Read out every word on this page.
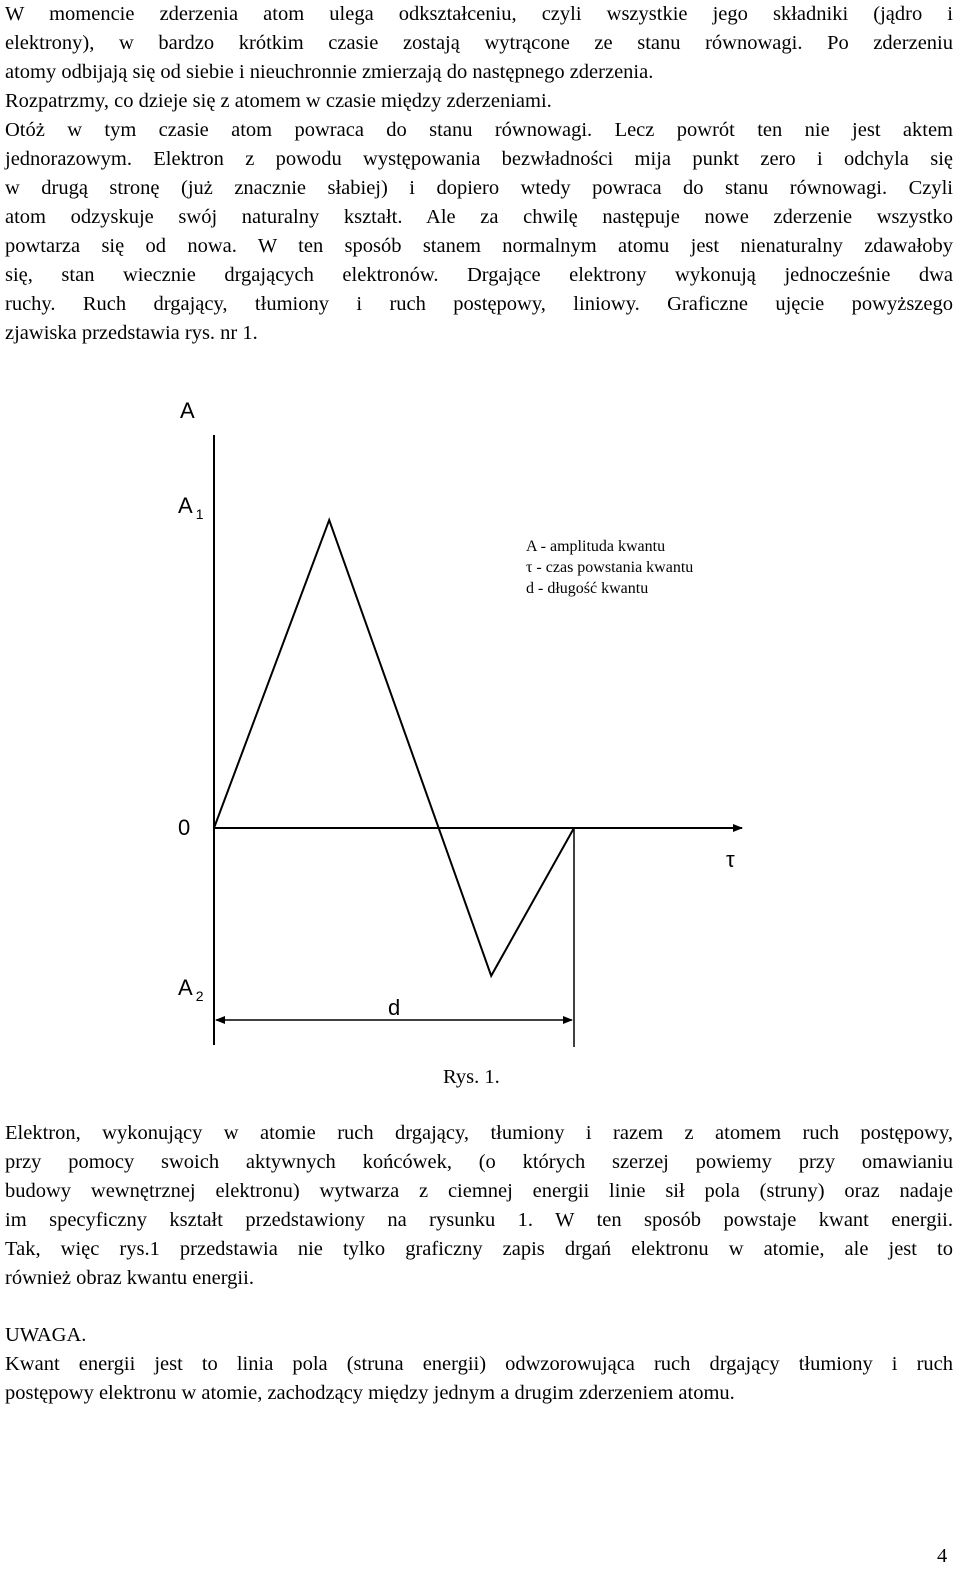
W momencie zderzenia atom ulega odkształceniu, czyli wszystkie jego składniki (jądro i
elektrony), w bardzo krótkim czasie zostają wytrącone ze stanu równowagi. Po zderzeniu
atomy odbijają się od siebie i nieuchronnie zmierzają do następnego zderzenia.
Rozpatrzmy, co dzieje się z atomem w czasie między zderzeniami.
Otóż w tym czasie atom powraca do stanu równowagi. Lecz powrót ten nie jest aktem
jednorazowym. Elektron z powodu występowania bezwładności mija punkt zero i odchyla się
w drugą stronę (już znacznie słabiej) i dopiero wtedy powraca do stanu równowagi. Czyli
atom odzyskuje swój naturalny kształt. Ale za chwilę następuje nowe zderzenie wszystko
powtarza się od nowa. W ten sposób stanem normalnym atomu jest nienaturalny zdawałoby
się, stan wiecznie drgających elektronów. Drgające elektrony wykonują jednocześnie dwa
ruchy. Ruch drgający, tłumiony i ruch postępowy, liniowy. Graficzne ujęcie powyższego
zjawiska przedstawia rys. nr 1.
A
A $_1$
0
A $_2$
τ
d
A - amplituda kwantu
τ - czas powstania kwantu
d - długość kwantu
Rys. 1.
Elektron, wykonujący w atomie ruch drgający, tłumiony i razem z atomem ruch postępowy,
przy pomocy swoich aktywnych końcówek, (o których szerzej powiemy przy omawianiu
budowy wewnętrznej elektronu) wytwarza z ciemnej energii linie sił pola (struny) oraz nadaje
im specyficzny kształt przedstawiony na rysunku 1. W ten sposób powstaje kwant energii.
Tak, więc rys.1 przedstawia nie tylko graficzny zapis drgań elektronu w atomie, ale jest to
również obraz kwantu energii.
UWAGA.
Kwant energii jest to linia pola (struna energii) odwzorowująca ruch drgający tłumiony i ruch
postępowy elektronu w atomie, zachodzący między jednym a drugim zderzeniem atomu.
4
